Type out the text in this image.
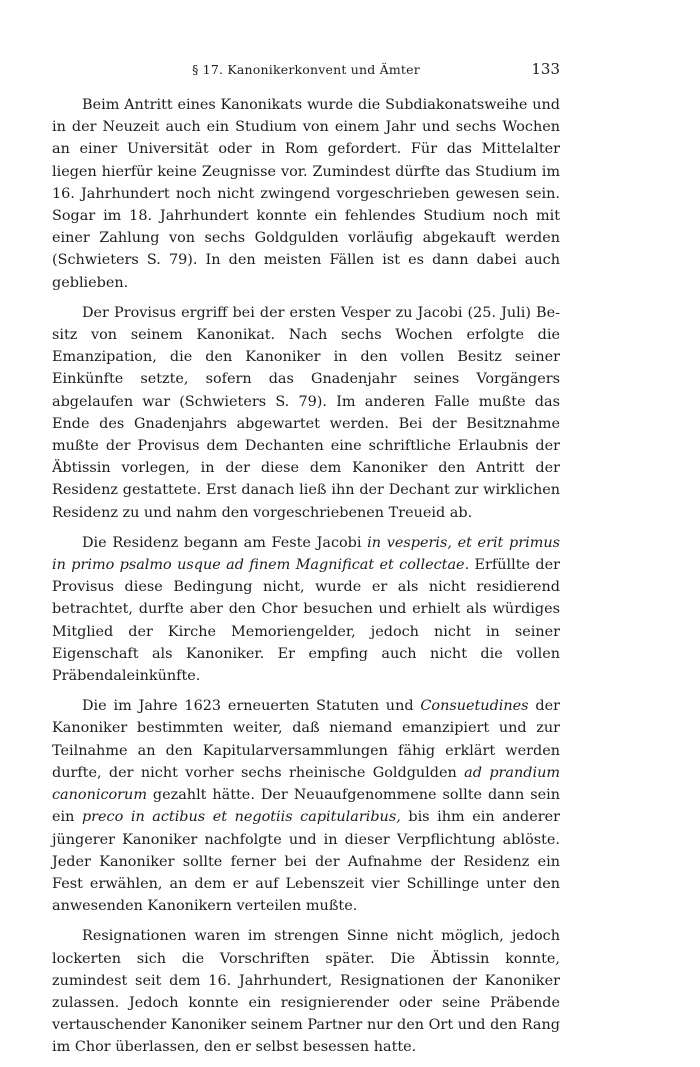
§ 17. Kanonikerkonvent und Ämter	133

Beim Antritt eines Kanonikats wurde die Subdiakonatsweihe und in der Neuzeit auch ein Studium von einem Jahr und sechs Wochen an einer Universität oder in Rom gefordert. Für das Mittelalter liegen hierfür keine Zeugnisse vor. Zumindest dürfte das Studium im 16. Jahrhundert noch nicht zwingend vorgeschrieben gewesen sein. Sogar im 18. Jahrhundert konnte ein fehlendes Studium noch mit einer Zahlung von sechs Goldgulden vorläufig abgekauft werden (Schwieters S. 79). In den meisten Fällen ist es dann dabei auch geblieben.

Der Provisus ergriff bei der ersten Vesper zu Jacobi (25. Juli) Besitz von seinem Kanonikat. Nach sechs Wochen erfolgte die Emanzipation, die den Kanoniker in den vollen Besitz seiner Einkünfte setzte, sofern das Gnadenjahr seines Vorgängers abgelaufen war (Schwieters S. 79). Im anderen Falle mußte das Ende des Gnadenjahrs abgewartet werden. Bei der Besitznahme mußte der Provisus dem Dechanten eine schriftliche Erlaubnis der Äbtissin vorlegen, in der diese dem Kanoniker den Antritt der Residenz gestattete. Erst danach ließ ihn der Dechant zur wirklichen Residenz zu und nahm den vorgeschriebenen Treueid ab.

Die Residenz begann am Feste Jacobi in vesperis, et erit primus in primo psalmo usque ad finem Magnificat et collectae. Erfüllte der Provisus diese Bedingung nicht, wurde er als nicht residierend betrachtet, durfte aber den Chor besuchen und erhielt als würdiges Mitglied der Kirche Memoriengelder, jedoch nicht in seiner Eigenschaft als Kanoniker. Er empfing auch nicht die vollen Präbendaleinkünfte.

Die im Jahre 1623 erneuerten Statuten und Consuetudines der Kanoniker bestimmten weiter, daß niemand emanzipiert und zur Teilnahme an den Kapitularversammlungen fähig erklärt werden durfte, der nicht vorher sechs rheinische Goldgulden ad prandium canonicorum gezahlt hätte. Der Neuaufgenommene sollte dann sein ein preco in actibus et negotiis capitularibus, bis ihm ein anderer jüngerer Kanoniker nachfolgte und in dieser Verpflichtung ablöste. Jeder Kanoniker sollte ferner bei der Aufnahme der Residenz ein Fest erwählen, an dem er auf Lebenszeit vier Schillinge unter den anwesenden Kanonikern verteilen mußte.

Resignationen waren im strengen Sinne nicht möglich, jedoch lockerten sich die Vorschriften später. Die Äbtissin konnte, zumindest seit dem 16. Jahrhundert, Resignationen der Kanoniker zulassen. Jedoch konnte ein resignierender oder seine Präbende vertauschender Kanoniker seinem Partner nur den Ort und den Rang im Chor überlassen, den er selbst besessen hatte.
